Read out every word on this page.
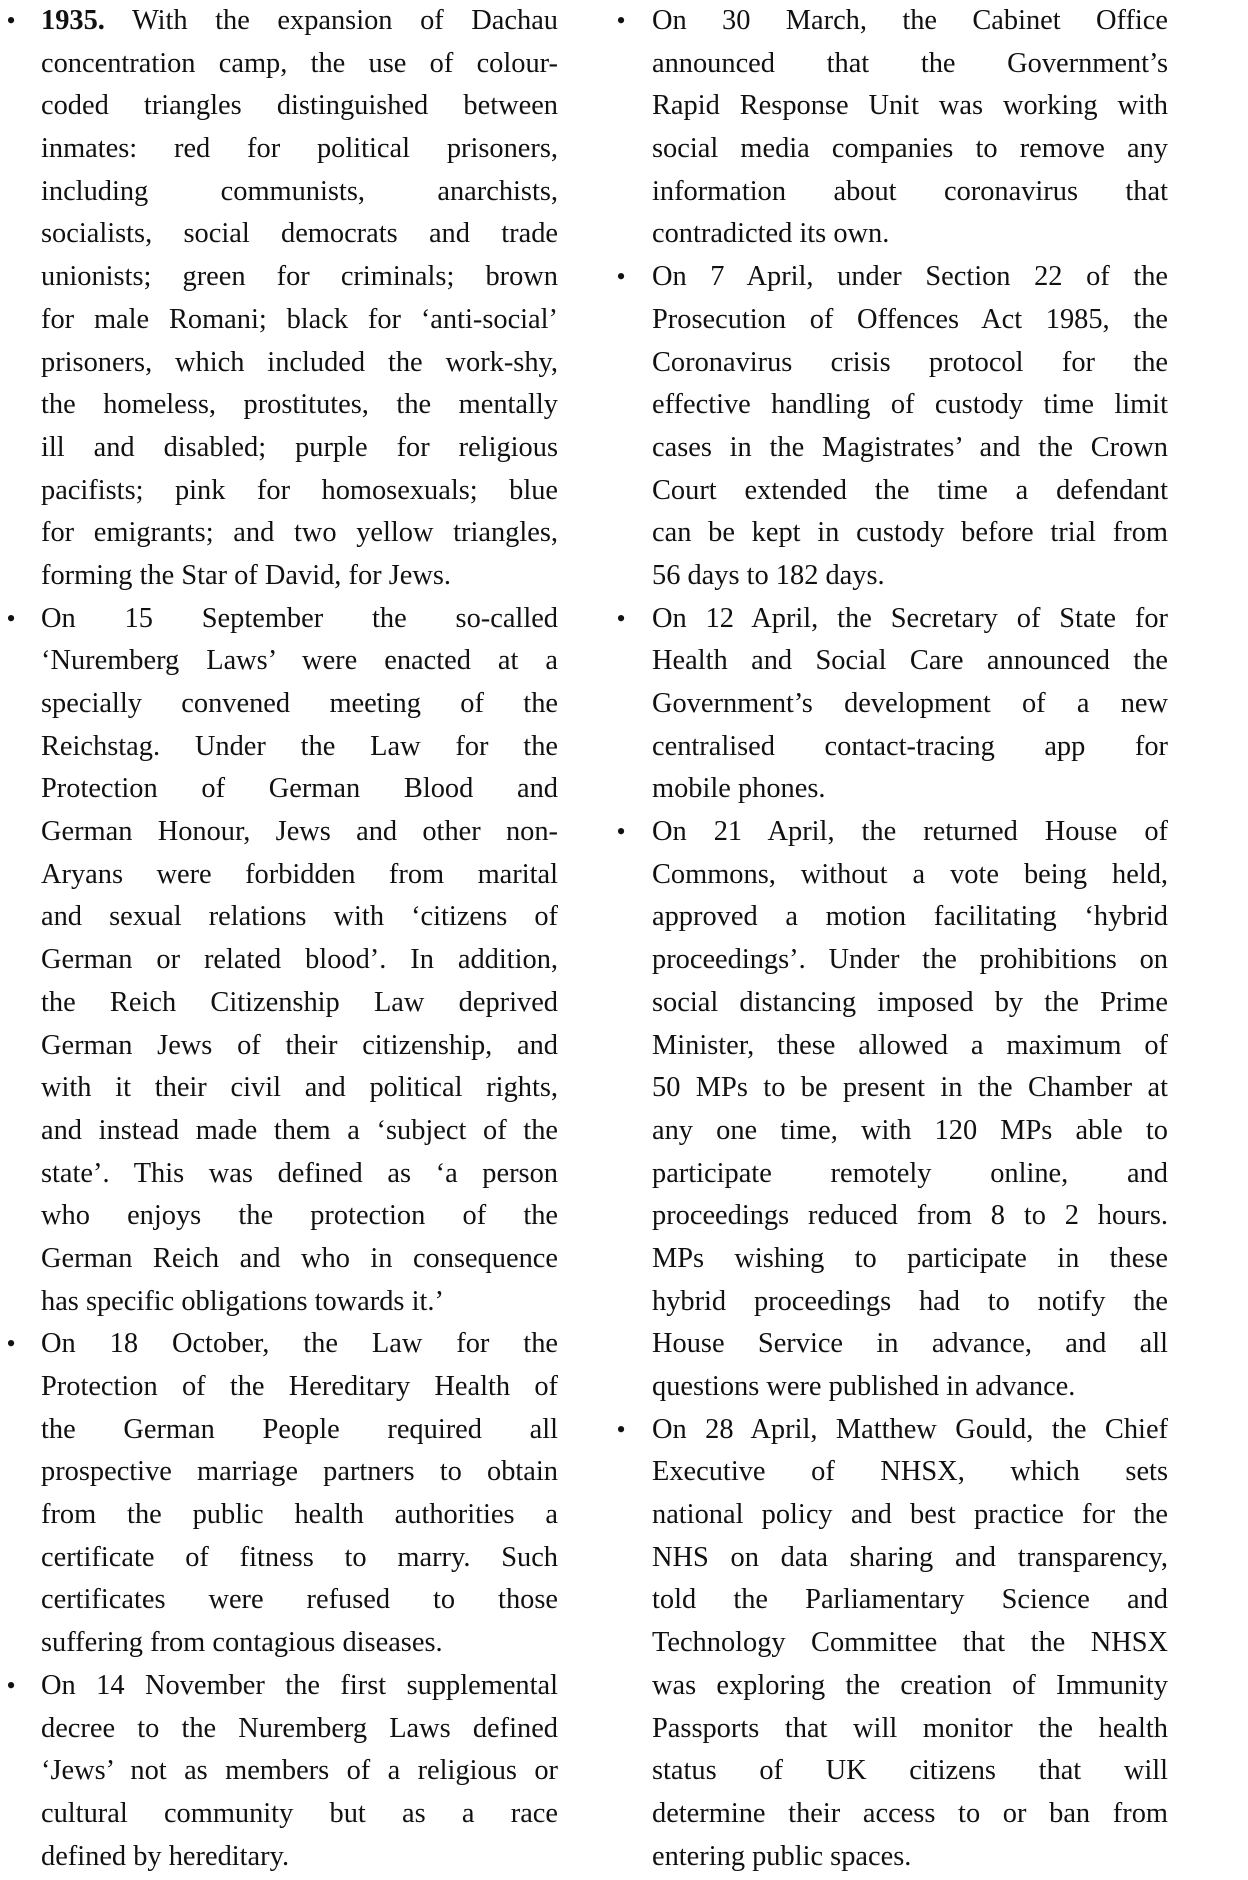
• 1935. With the expansion of Dachau
concentration camp, the use of colour-
coded triangles distinguished between
inmates: red for political prisoners,
including communists, anarchists,
socialists, social democrats and trade
unionists; green for criminals; brown
for male Romani; black for ‘anti-social’
prisoners, which included the work-shy,
the homeless, prostitutes, the mentally
ill and disabled; purple for religious
pacifists; pink for homosexuals; blue
for emigrants; and two yellow triangles,
forming the Star of David, for Jews.
• On 15 September the so-called
‘Nuremberg Laws’ were enacted at a
specially convened meeting of the
Reichstag. Under the Law for the
Protection of German Blood and
German Honour, Jews and other non-
Aryans were forbidden from marital
and sexual relations with ‘citizens of
German or related blood’. In addition,
the Reich Citizenship Law deprived
German Jews of their citizenship, and
with it their civil and political rights,
and instead made them a ‘subject of the
state’. This was defined as ‘a person
who enjoys the protection of the
German Reich and who in consequence
has specific obligations towards it.’
• On 18 October, the Law for the
Protection of the Hereditary Health of
the German People required all
prospective marriage partners to obtain
from the public health authorities a
certificate of fitness to marry. Such
certificates were refused to those
suffering from contagious diseases.
• On 14 November the first supplemental
decree to the Nuremberg Laws defined
‘Jews’ not as members of a religious or
cultural community but as a race
defined by hereditary.
• On 30 March, the Cabinet Office
announced that the Government’s
Rapid Response Unit was working with
social media companies to remove any
information about coronavirus that
contradicted its own.
• On 7 April, under Section 22 of the
Prosecution of Offences Act 1985, the
Coronavirus crisis protocol for the
effective handling of custody time limit
cases in the Magistrates’ and the Crown
Court extended the time a defendant
can be kept in custody before trial from
56 days to 182 days.
• On 12 April, the Secretary of State for
Health and Social Care announced the
Government’s development of a new
centralised contact-tracing app for
mobile phones.
• On 21 April, the returned House of
Commons, without a vote being held,
approved a motion facilitating ‘hybrid
proceedings’. Under the prohibitions on
social distancing imposed by the Prime
Minister, these allowed a maximum of
50 MPs to be present in the Chamber at
any one time, with 120 MPs able to
participate remotely online, and
proceedings reduced from 8 to 2 hours.
MPs wishing to participate in these
hybrid proceedings had to notify the
House Service in advance, and all
questions were published in advance.
• On 28 April, Matthew Gould, the Chief
Executive of NHSX, which sets
national policy and best practice for the
NHS on data sharing and transparency,
told the Parliamentary Science and
Technology Committee that the NHSX
was exploring the creation of Immunity
Passports that will monitor the health
status of UK citizens that will
determine their access to or ban from
entering public spaces.
